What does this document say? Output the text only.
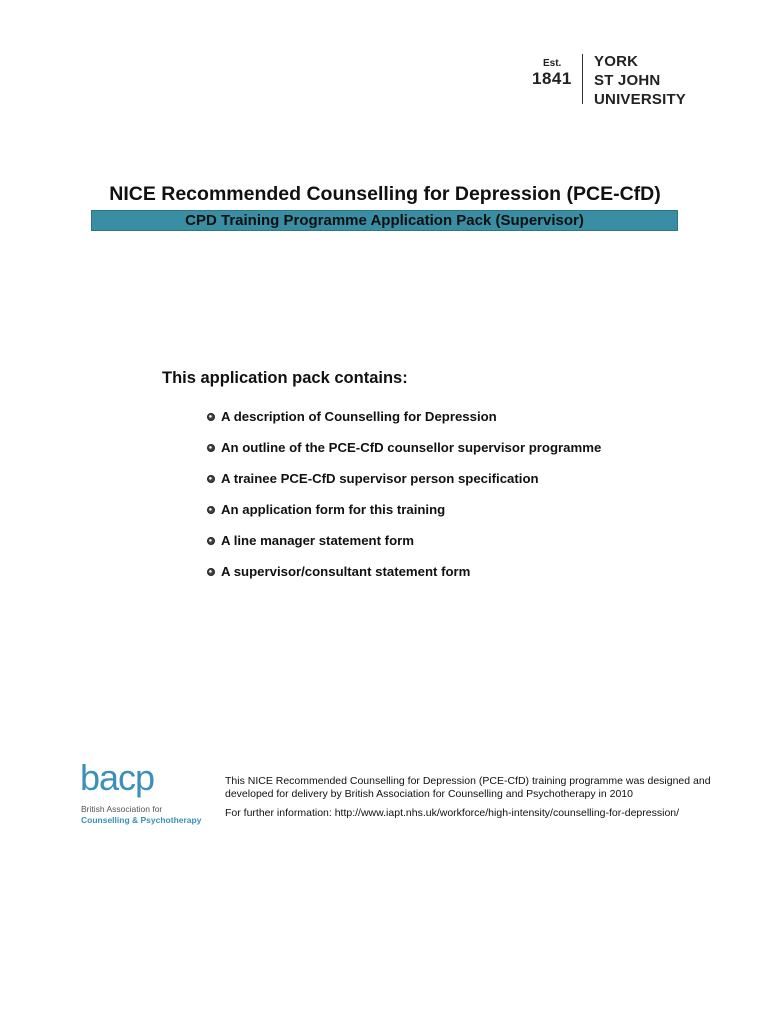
Est.
1841
YORK
ST JOHN
UNIVERSITY
NICE Recommended Counselling for Depression (PCE-CfD)
CPD Training Programme Application Pack (Supervisor)
This application pack contains:
A description of Counselling for Depression
An outline of the PCE-CfD counsellor supervisor programme
A trainee PCE-CfD supervisor person specification
An application form for this training
A line manager statement form
A supervisor/consultant statement form
bacp
British Association for
Counselling & Psychotherapy

This NICE Recommended Counselling for Depression (PCE-CfD) training programme was designed and developed for delivery by British Association for Counselling and Psychotherapy in 2010

For further information: http://www.iapt.nhs.uk/workforce/high-intensity/counselling-for-depression/
